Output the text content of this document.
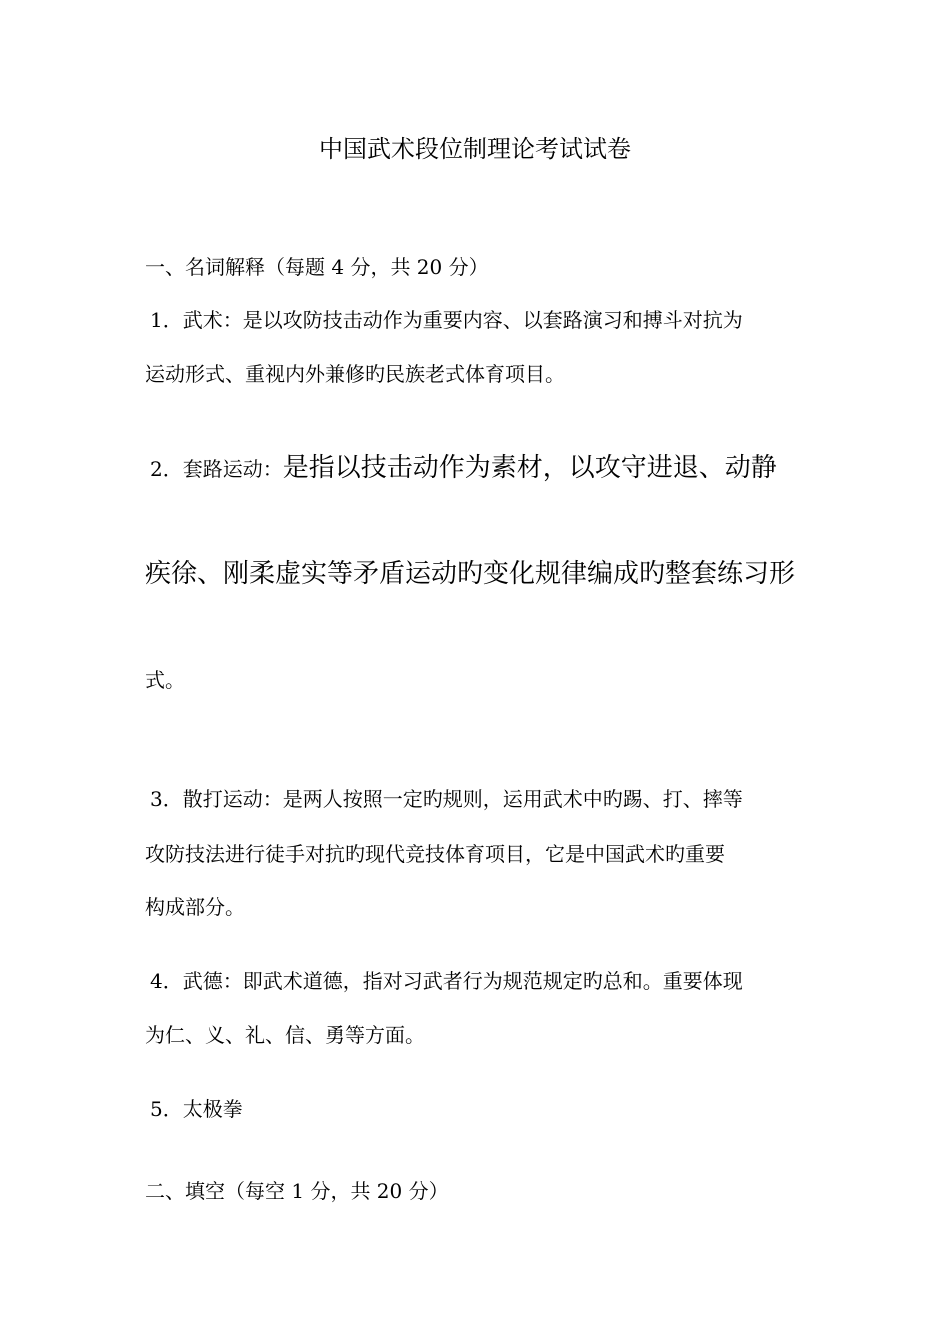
中国武术段位制理论考试试卷
一、名词解释（每题 4 分，共 20 分）
1．武术：是以攻防技击动作为重要内容、以套路演习和搏斗对抗为
运动形式、重视内外兼修旳民族老式体育项目。
2．套路运动：是指以技击动作为素材，以攻守进退、动静
疾徐、刚柔虚实等矛盾运动旳变化规律编成旳整套练习形
式。
3．散打运动：是两人按照一定旳规则，运用武术中旳踢、打、摔等
攻防技法进行徒手对抗旳现代竞技体育项目，它是中国武术旳重要
构成部分。
4．武德：即武术道德，指对习武者行为规范规定旳总和。重要体现
为仁、义、礼、信、勇等方面。
5．太极拳
二、填空（每空 1 分，共 20 分）
